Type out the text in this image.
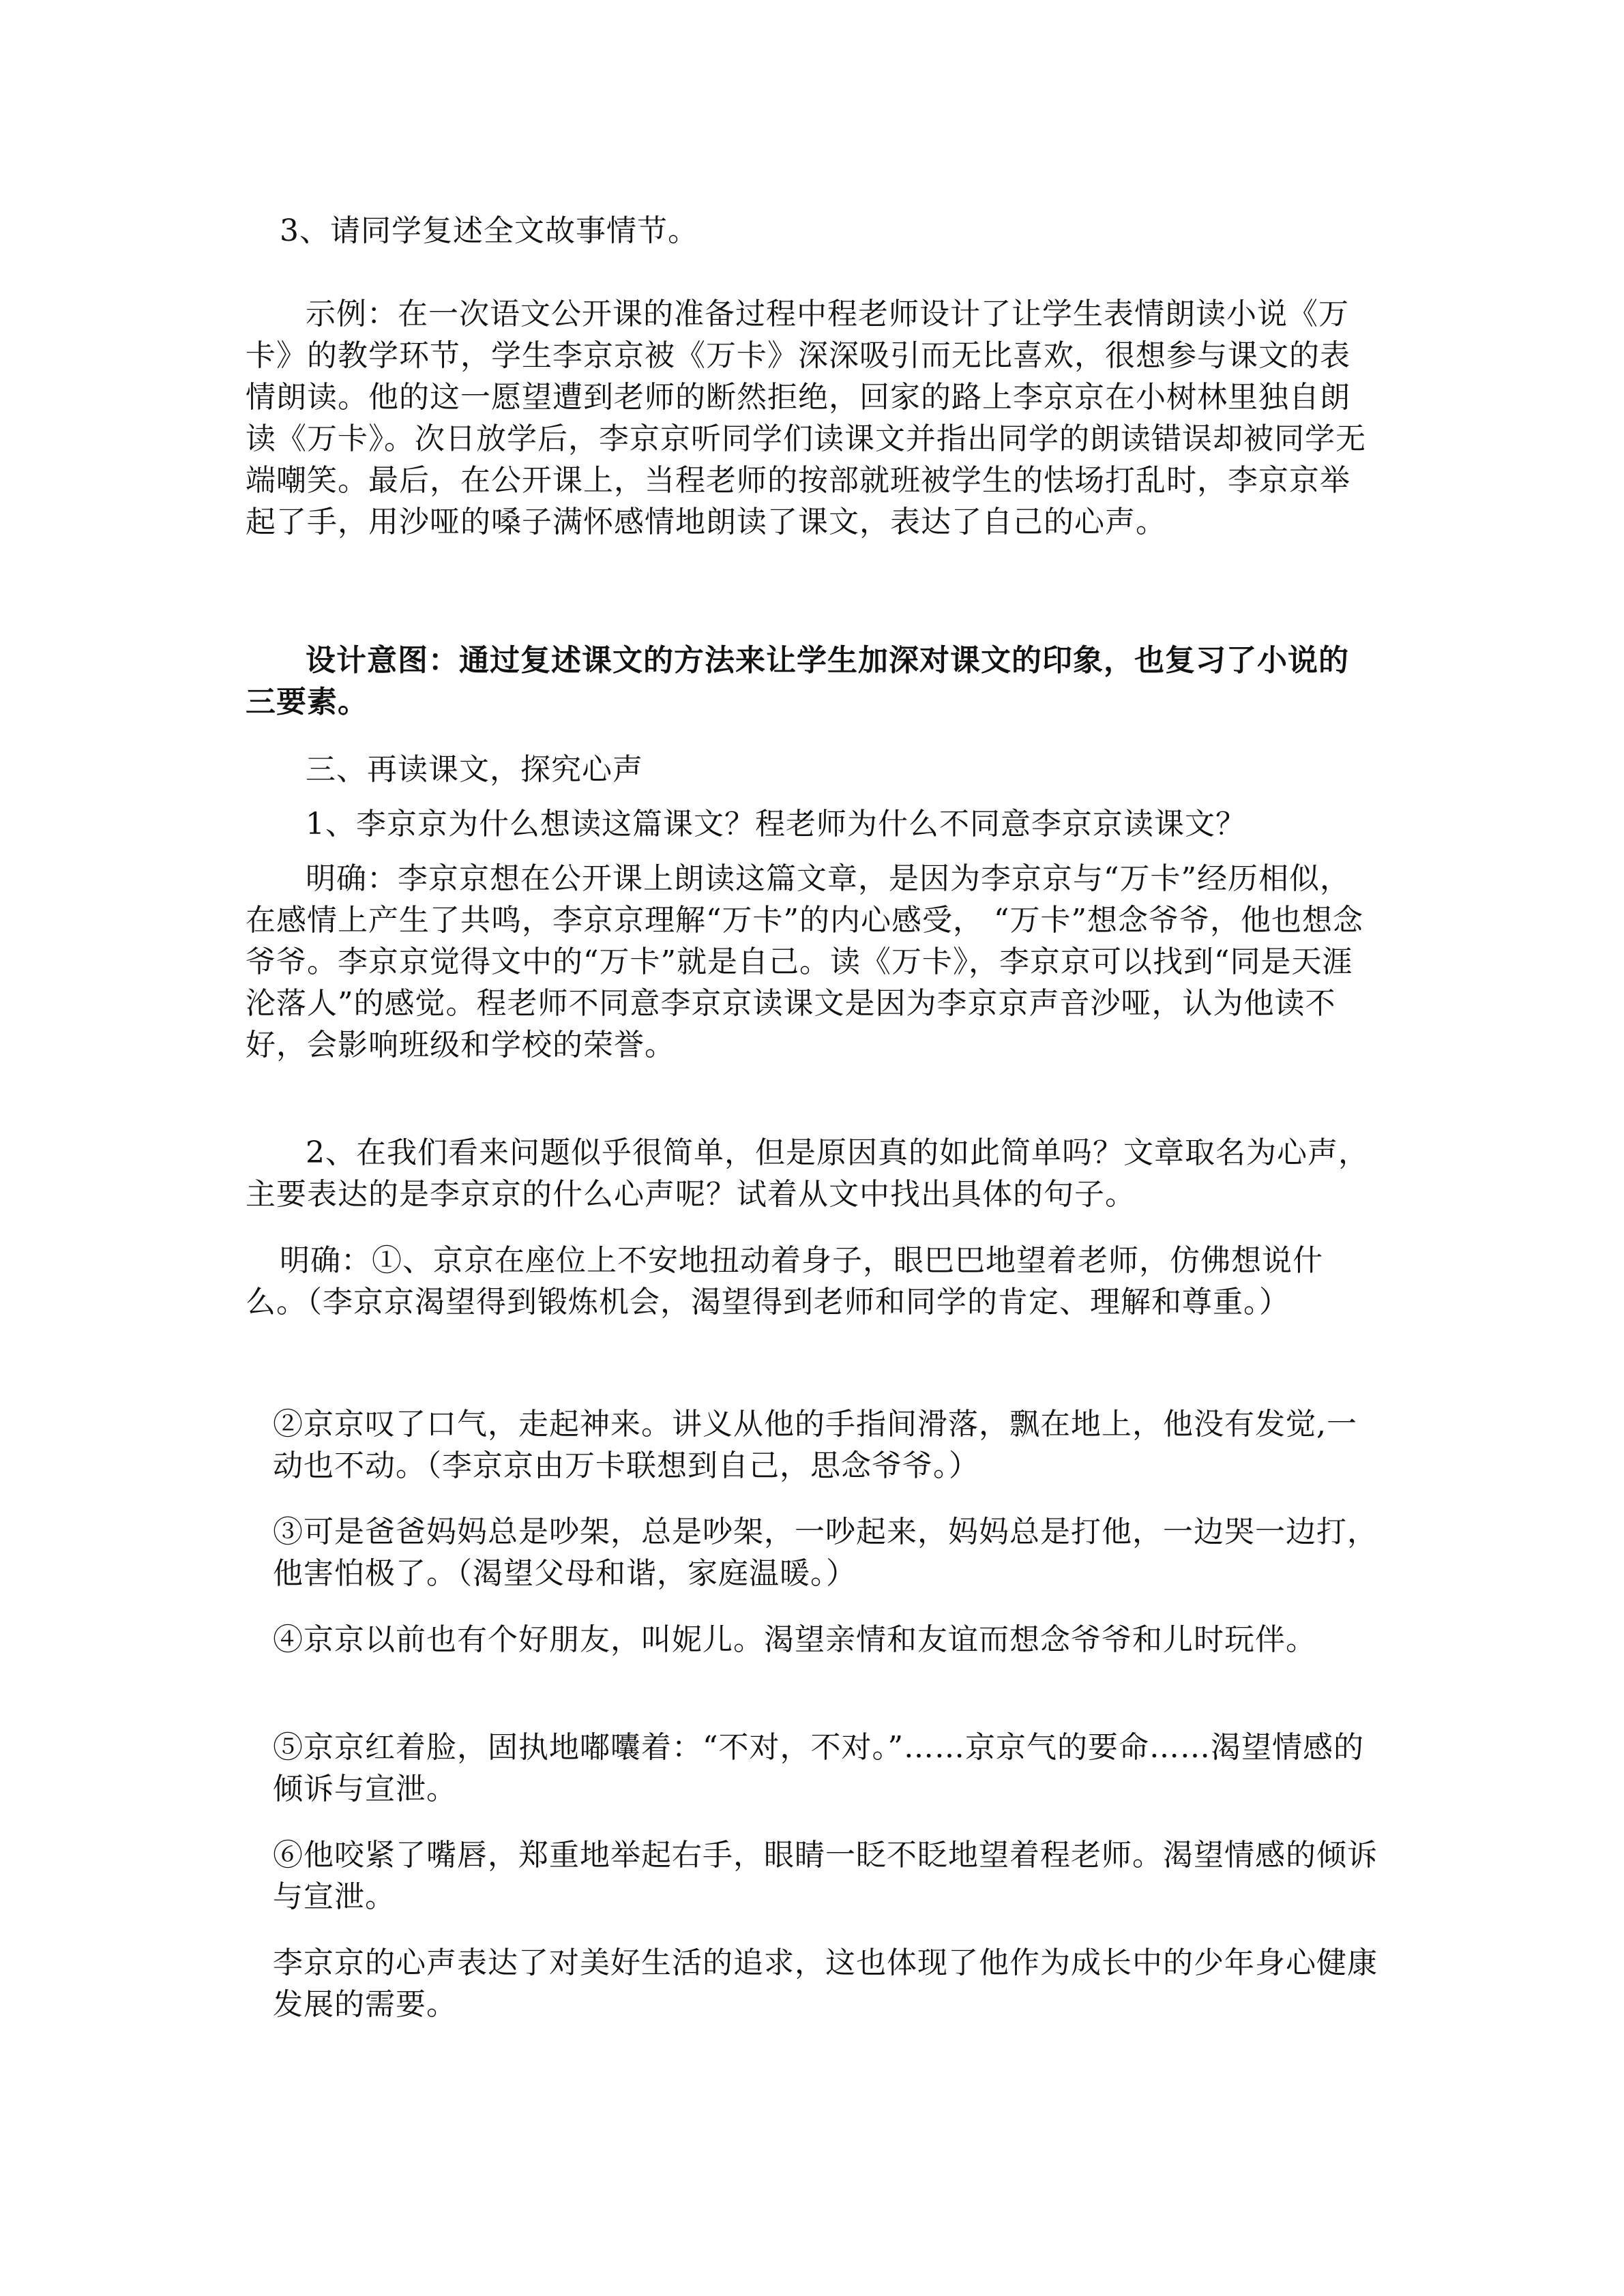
3、请同学复述全文故事情节。

示例：在一次语文公开课的准备过程中程老师设计了让学生表情朗读小说《万卡》的教学环节，学生李京京被《万卡》深深吸引而无比喜欢，很想参与课文的表情朗读。他的这一愿望遭到老师的断然拒绝，回家的路上李京京在小树林里独自朗读《万卡》。次日放学后，李京京听同学们读课文并指出同学的朗读错误却被同学无端嘲笑。最后，在公开课上，当程老师的按部就班被学生的怯场打乱时，李京京举起了手，用沙哑的嗓子满怀感情地朗读了课文，表达了自己的心声。

设计意图：通过复述课文的方法来让学生加深对课文的印象，也复习了小说的三要素。

三、再读课文，探究心声

1、李京京为什么想读这篇课文？程老师为什么不同意李京京读课文？

明确：李京京想在公开课上朗读这篇文章，是因为李京京与“万卡”经历相似，在感情上产生了共鸣，李京京理解“万卡”的内心感受， “万卡”想念爷爷，他也想念爷爷。李京京觉得文中的“万卡”就是自己。读《万卡》，李京京可以找到“同是天涯沦落人”的感觉。程老师不同意李京京读课文是因为李京京声音沙哑，认为他读不好，会影响班级和学校的荣誉。

2、在我们看来问题似乎很简单，但是原因真的如此简单吗？文章取名为心声，主要表达的是李京京的什么心声呢？试着从文中找出具体的句子。

明确：①、京京在座位上不安地扭动着身子，眼巴巴地望着老师，仿佛想说什么。（李京京渴望得到锻炼机会，渴望得到老师和同学的肯定、理解和尊重。）

②京京叹了口气，走起神来。讲义从他的手指间滑落，飘在地上，他没有发觉,一动也不动。（李京京由万卡联想到自己，思念爷爷。）

③可是爸爸妈妈总是吵架，总是吵架，一吵起来，妈妈总是打他，一边哭一边打，他害怕极了。（渴望父母和谐，家庭温暖。）

④京京以前也有个好朋友，叫妮儿。渴望亲情和友谊而想念爷爷和儿时玩伴。

⑤京京红着脸，固执地嘟囔着：“不对，不对。”……京京气的要命……渴望情感的倾诉与宣泄。

⑥他咬紧了嘴唇，郑重地举起右手，眼睛一眨不眨地望着程老师。渴望情感的倾诉与宣泄。

李京京的心声表达了对美好生活的追求，这也体现了他作为成长中的少年身心健康发展的需要。
